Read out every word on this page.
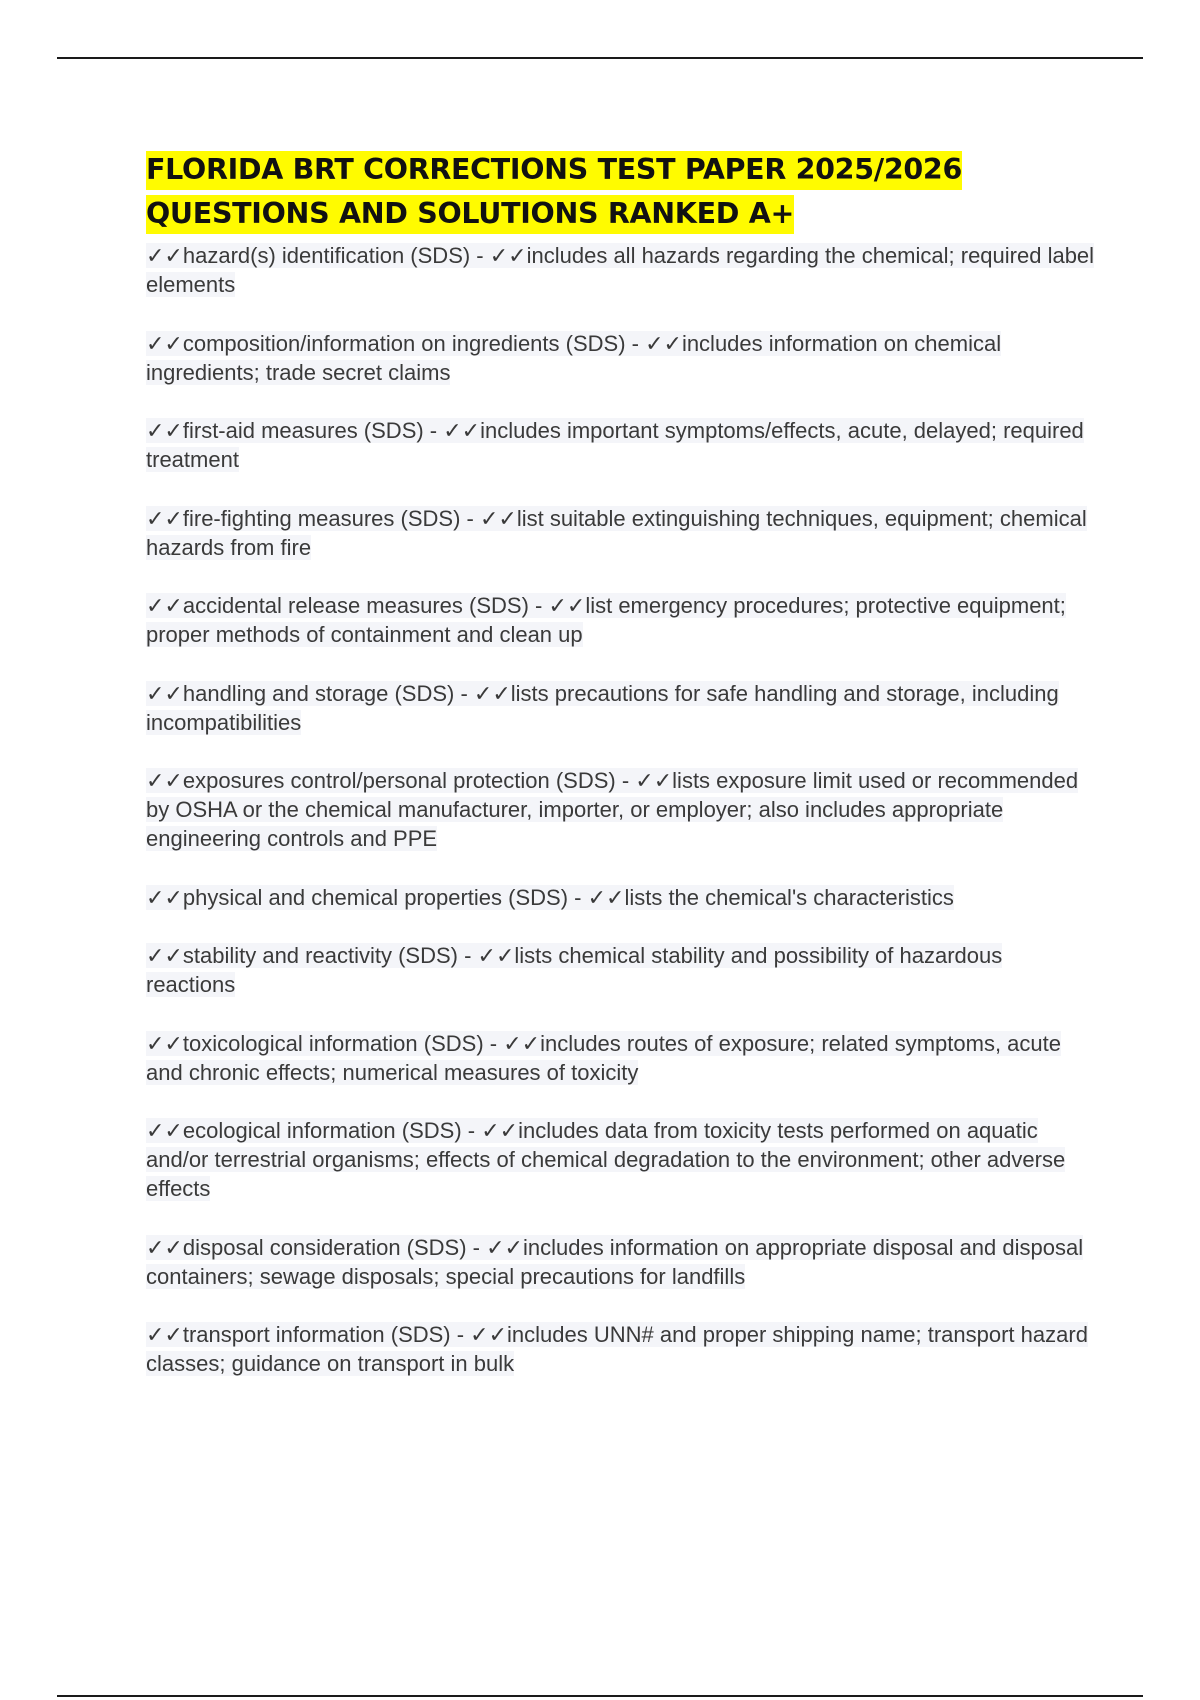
FLORIDA BRT CORRECTIONS TEST PAPER 2025/2026 QUESTIONS AND SOLUTIONS RANKED A+
✓✓hazard(s) identification (SDS) - ✓✓includes all hazards regarding the chemical; required label elements
✓✓composition/information on ingredients (SDS) - ✓✓includes information on chemical ingredients; trade secret claims
✓✓first-aid measures (SDS) - ✓✓includes important symptoms/effects, acute, delayed; required treatment
✓✓fire-fighting measures (SDS) - ✓✓list suitable extinguishing techniques, equipment; chemical hazards from fire
✓✓accidental release measures (SDS) - ✓✓list emergency procedures; protective equipment; proper methods of containment and clean up
✓✓handling and storage (SDS) - ✓✓lists precautions for safe handling and storage, including incompatibilities
✓✓exposures control/personal protection (SDS) - ✓✓lists exposure limit used or recommended by OSHA or the chemical manufacturer, importer, or employer; also includes appropriate engineering controls and PPE
✓✓physical and chemical properties (SDS) - ✓✓lists the chemical's characteristics
✓✓stability and reactivity (SDS) - ✓✓lists chemical stability and possibility of hazardous reactions
✓✓toxicological information (SDS) - ✓✓includes routes of exposure; related symptoms, acute and chronic effects; numerical measures of toxicity
✓✓ecological information (SDS) - ✓✓includes data from toxicity tests performed on aquatic and/or terrestrial organisms; effects of chemical degradation to the environment; other adverse effects
✓✓disposal consideration (SDS) - ✓✓includes information on appropriate disposal and disposal containers; sewage disposals; special precautions for landfills
✓✓transport information (SDS) - ✓✓includes UNN# and proper shipping name; transport hazard classes; guidance on transport in bulk
